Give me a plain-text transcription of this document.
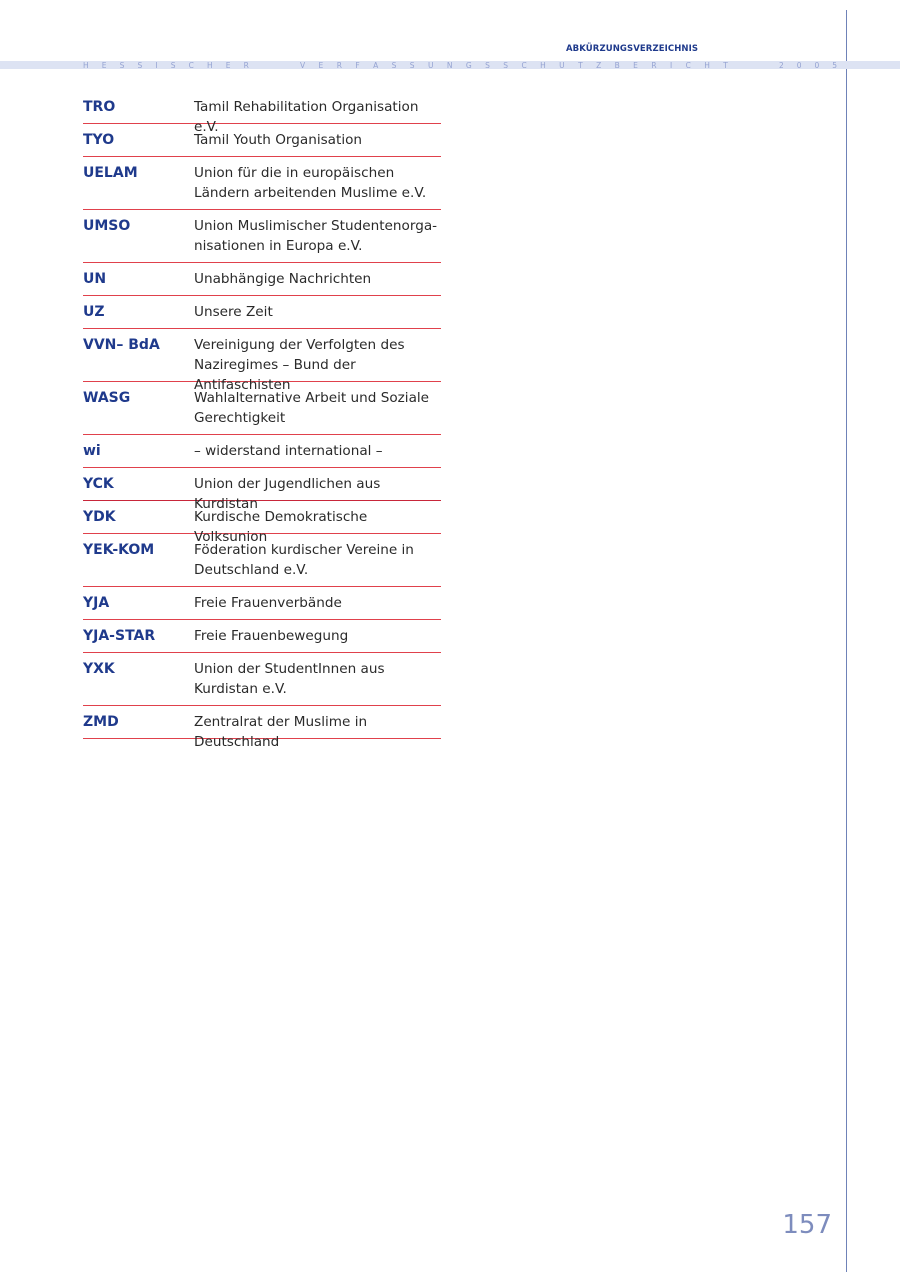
ABKÜRZUNGSVERZEICHNIS
H E S S I S C H E R	V E R F A S S U N G S S C H U T Z B E R I C H T	2 0 0 5
TRO	Tamil Rehabilitation Organisation e.V.
TYO	Tamil Youth Organisation
UELAM	Union für die in europäischen
Ländern arbeitenden Muslime e.V.
UMSO	Union Muslimischer Studentenorga-
nisationen in Europa e.V.
UN	Unabhängige Nachrichten
UZ	Unsere Zeit
VVN– BdA	Vereinigung der Verfolgten des
Naziregimes – Bund der Antifaschisten
WASG	Wahlalternative Arbeit und Soziale
Gerechtigkeit
wi	– widerstand international –
YCK	Union der Jugendlichen aus Kurdistan
YDK	Kurdische Demokratische Volksunion
YEK-KOM	Föderation kurdischer Vereine in
Deutschland e.V.
YJA	Freie Frauenverbände
YJA-STAR	Freie Frauenbewegung
YXK	Union der StudentInnen aus
Kurdistan e.V.
ZMD	Zentralrat der Muslime in Deutschland
157
